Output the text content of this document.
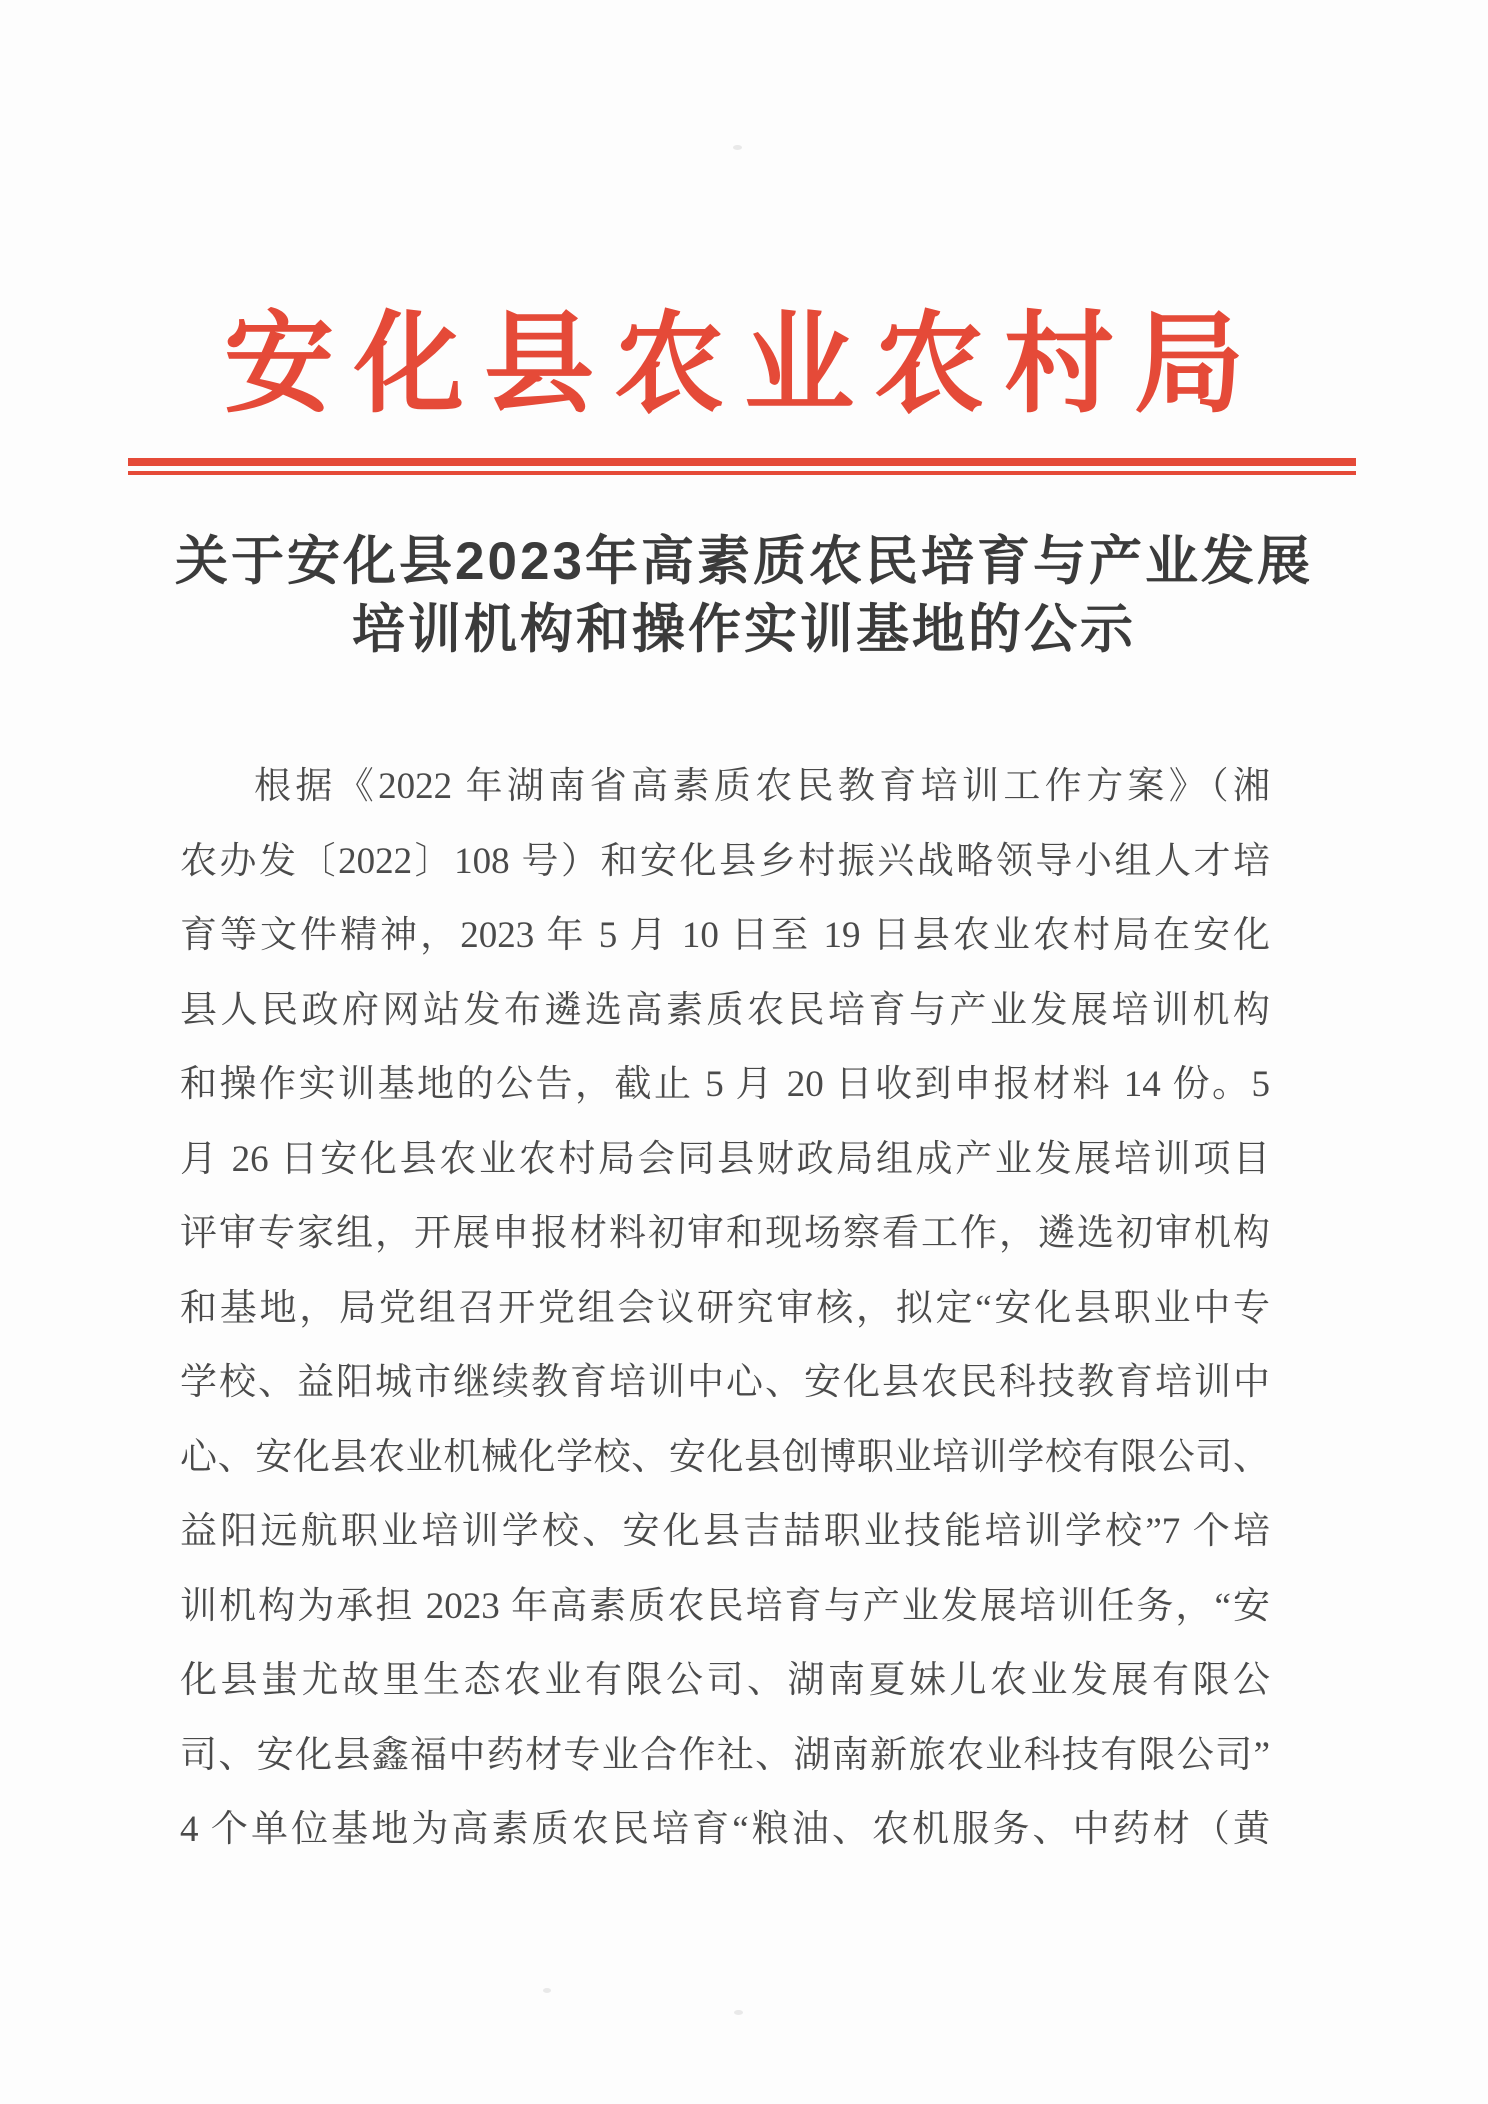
安化县农业农村局
关于安化县2023年高素质农民培育与产业发展
培训机构和操作实训基地的公示

根据《2022 年湖南省高素质农民教育培训工作方案》（湘

农办发〔2022〕108 号）和安化县乡村振兴战略领导小组人才培

育等文件精神，2023 年 5 月 10 日至 19 日县农业农村局在安化

县人民政府网站发布遴选高素质农民培育与产业发展培训机构

和操作实训基地的公告，截止 5 月 20 日收到申报材料 14 份。5

月 26 日安化县农业农村局会同县财政局组成产业发展培训项目

评审专家组，开展申报材料初审和现场察看工作，遴选初审机构

和基地，局党组召开党组会议研究审核，拟定“安化县职业中专

学校、益阳城市继续教育培训中心、安化县农民科技教育培训中

心、安化县农业机械化学校、安化县创博职业培训学校有限公司、

益阳远航职业培训学校、安化县吉喆职业技能培训学校”7 个培

训机构为承担 2023 年高素质农民培育与产业发展培训任务，“安

化县蚩尤故里生态农业有限公司、湖南夏妹儿农业发展有限公

司、安化县鑫福中药材专业合作社、湖南新旅农业科技有限公司”

4 个单位基地为高素质农民培育“粮油、农机服务、中药材（黄
